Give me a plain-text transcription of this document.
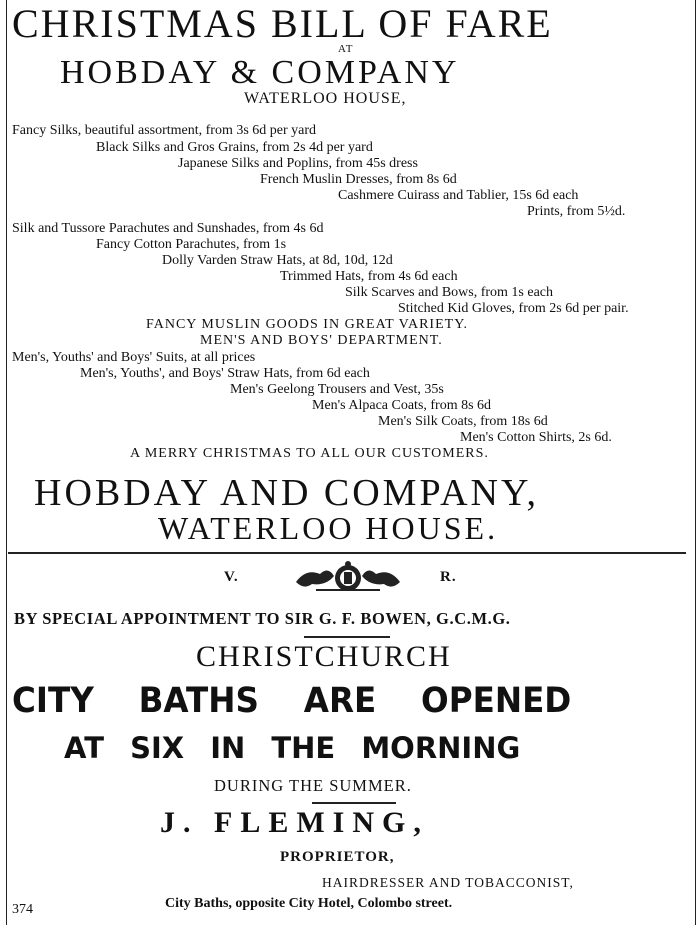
CHRISTMAS BILL OF FARE
AT
HOBDAY & COMPANY
WATERLOO HOUSE,
Fancy Silks, beautiful assortment, from 3s 6d per yard
Black Silks and Gros Grains, from 2s 4d per yard
Japanese Silks and Poplins, from 45s dress
French Muslin Dresses, from 8s 6d
Cashmere Cuirass and Tablier, 15s 6d each
Prints, from 5½d.
Silk and Tussore Parachutes and Sunshades, from 4s 6d
Fancy Cotton Parachutes, from 1s
Dolly Varden Straw Hats, at 8d, 10d, 12d
Trimmed Hats, from 4s 6d each
Silk Scarves and Bows, from 1s each
Stitched Kid Gloves, from 2s 6d per pair.
FANCY MUSLIN GOODS IN GREAT VARIETY.
MEN'S AND BOYS' DEPARTMENT.
Men's, Youths' and Boys' Suits, at all prices
Men's, Youths', and Boys' Straw Hats, from 6d each
Men's Geelong Trousers and Vest, 35s
Men's Alpaca Coats, from 8s 6d
Men's Silk Coats, from 18s 6d
Men's Cotton Shirts, 2s 6d.
A MERRY CHRISTMAS TO ALL OUR CUSTOMERS.
HOBDAY AND COMPANY,
WATERLOO HOUSE.
V.	R.
BY SPECIAL APPOINTMENT TO SIR G. F. BOWEN, G.C.M.G.
CHRISTCHURCH
CITY BATHS ARE OPENED
AT SIX IN THE MORNING
DURING THE SUMMER.
J. FLEMING,
PROPRIETOR,
HAIRDRESSER AND TOBACCONIST,
374	City Baths, opposite City Hotel, Colombo street.
